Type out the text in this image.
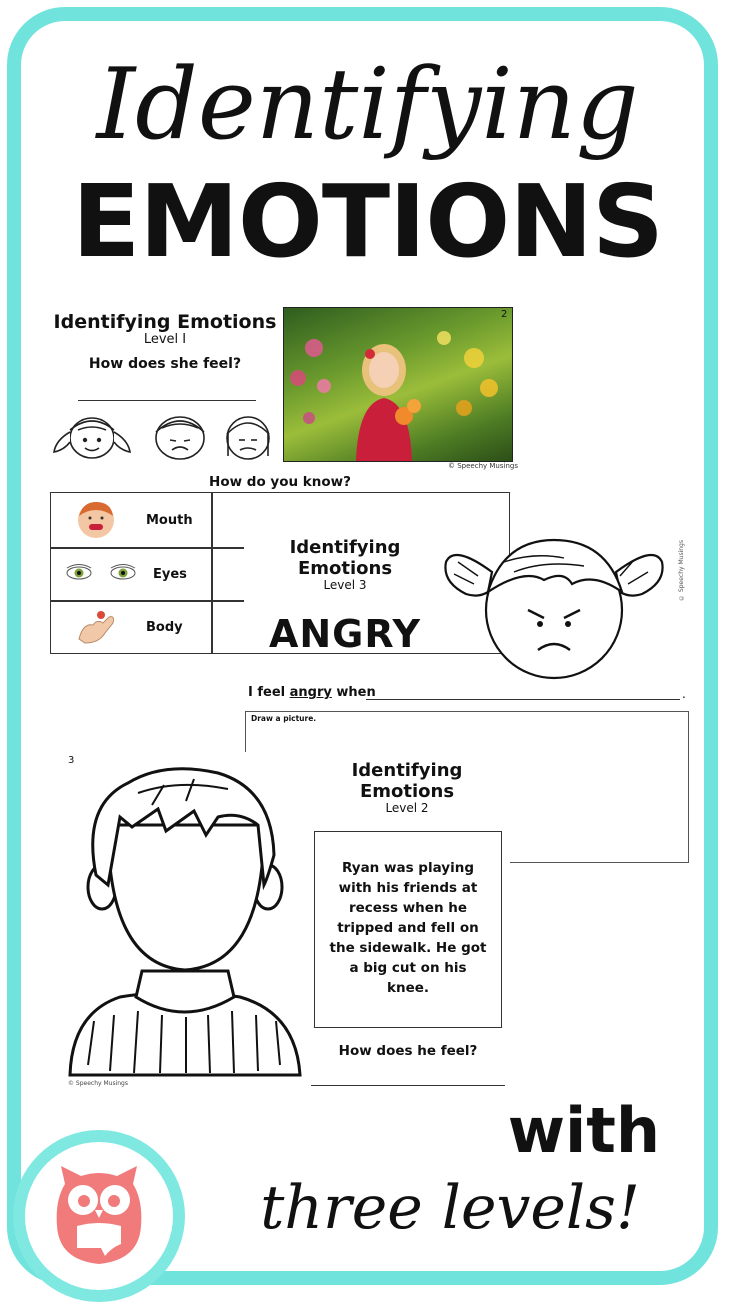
Identifying
EMOTIONS
Identifying Emotions
Level I
How does she feel?
2
© Speechy Musings
How do you know?
Mouth
Eyes
Body
Identifying
Emotions
Level 3
ANGRY
© Speechy Musings
I feel angry when	.
Draw a picture.
3
© Speechy Musings
Identifying
Emotions
Level 2
Ryan was playing with his friends at recess when he tripped and fell on the sidewalk. He got a big cut on his knee.
How does he feel?
with
three levels!
